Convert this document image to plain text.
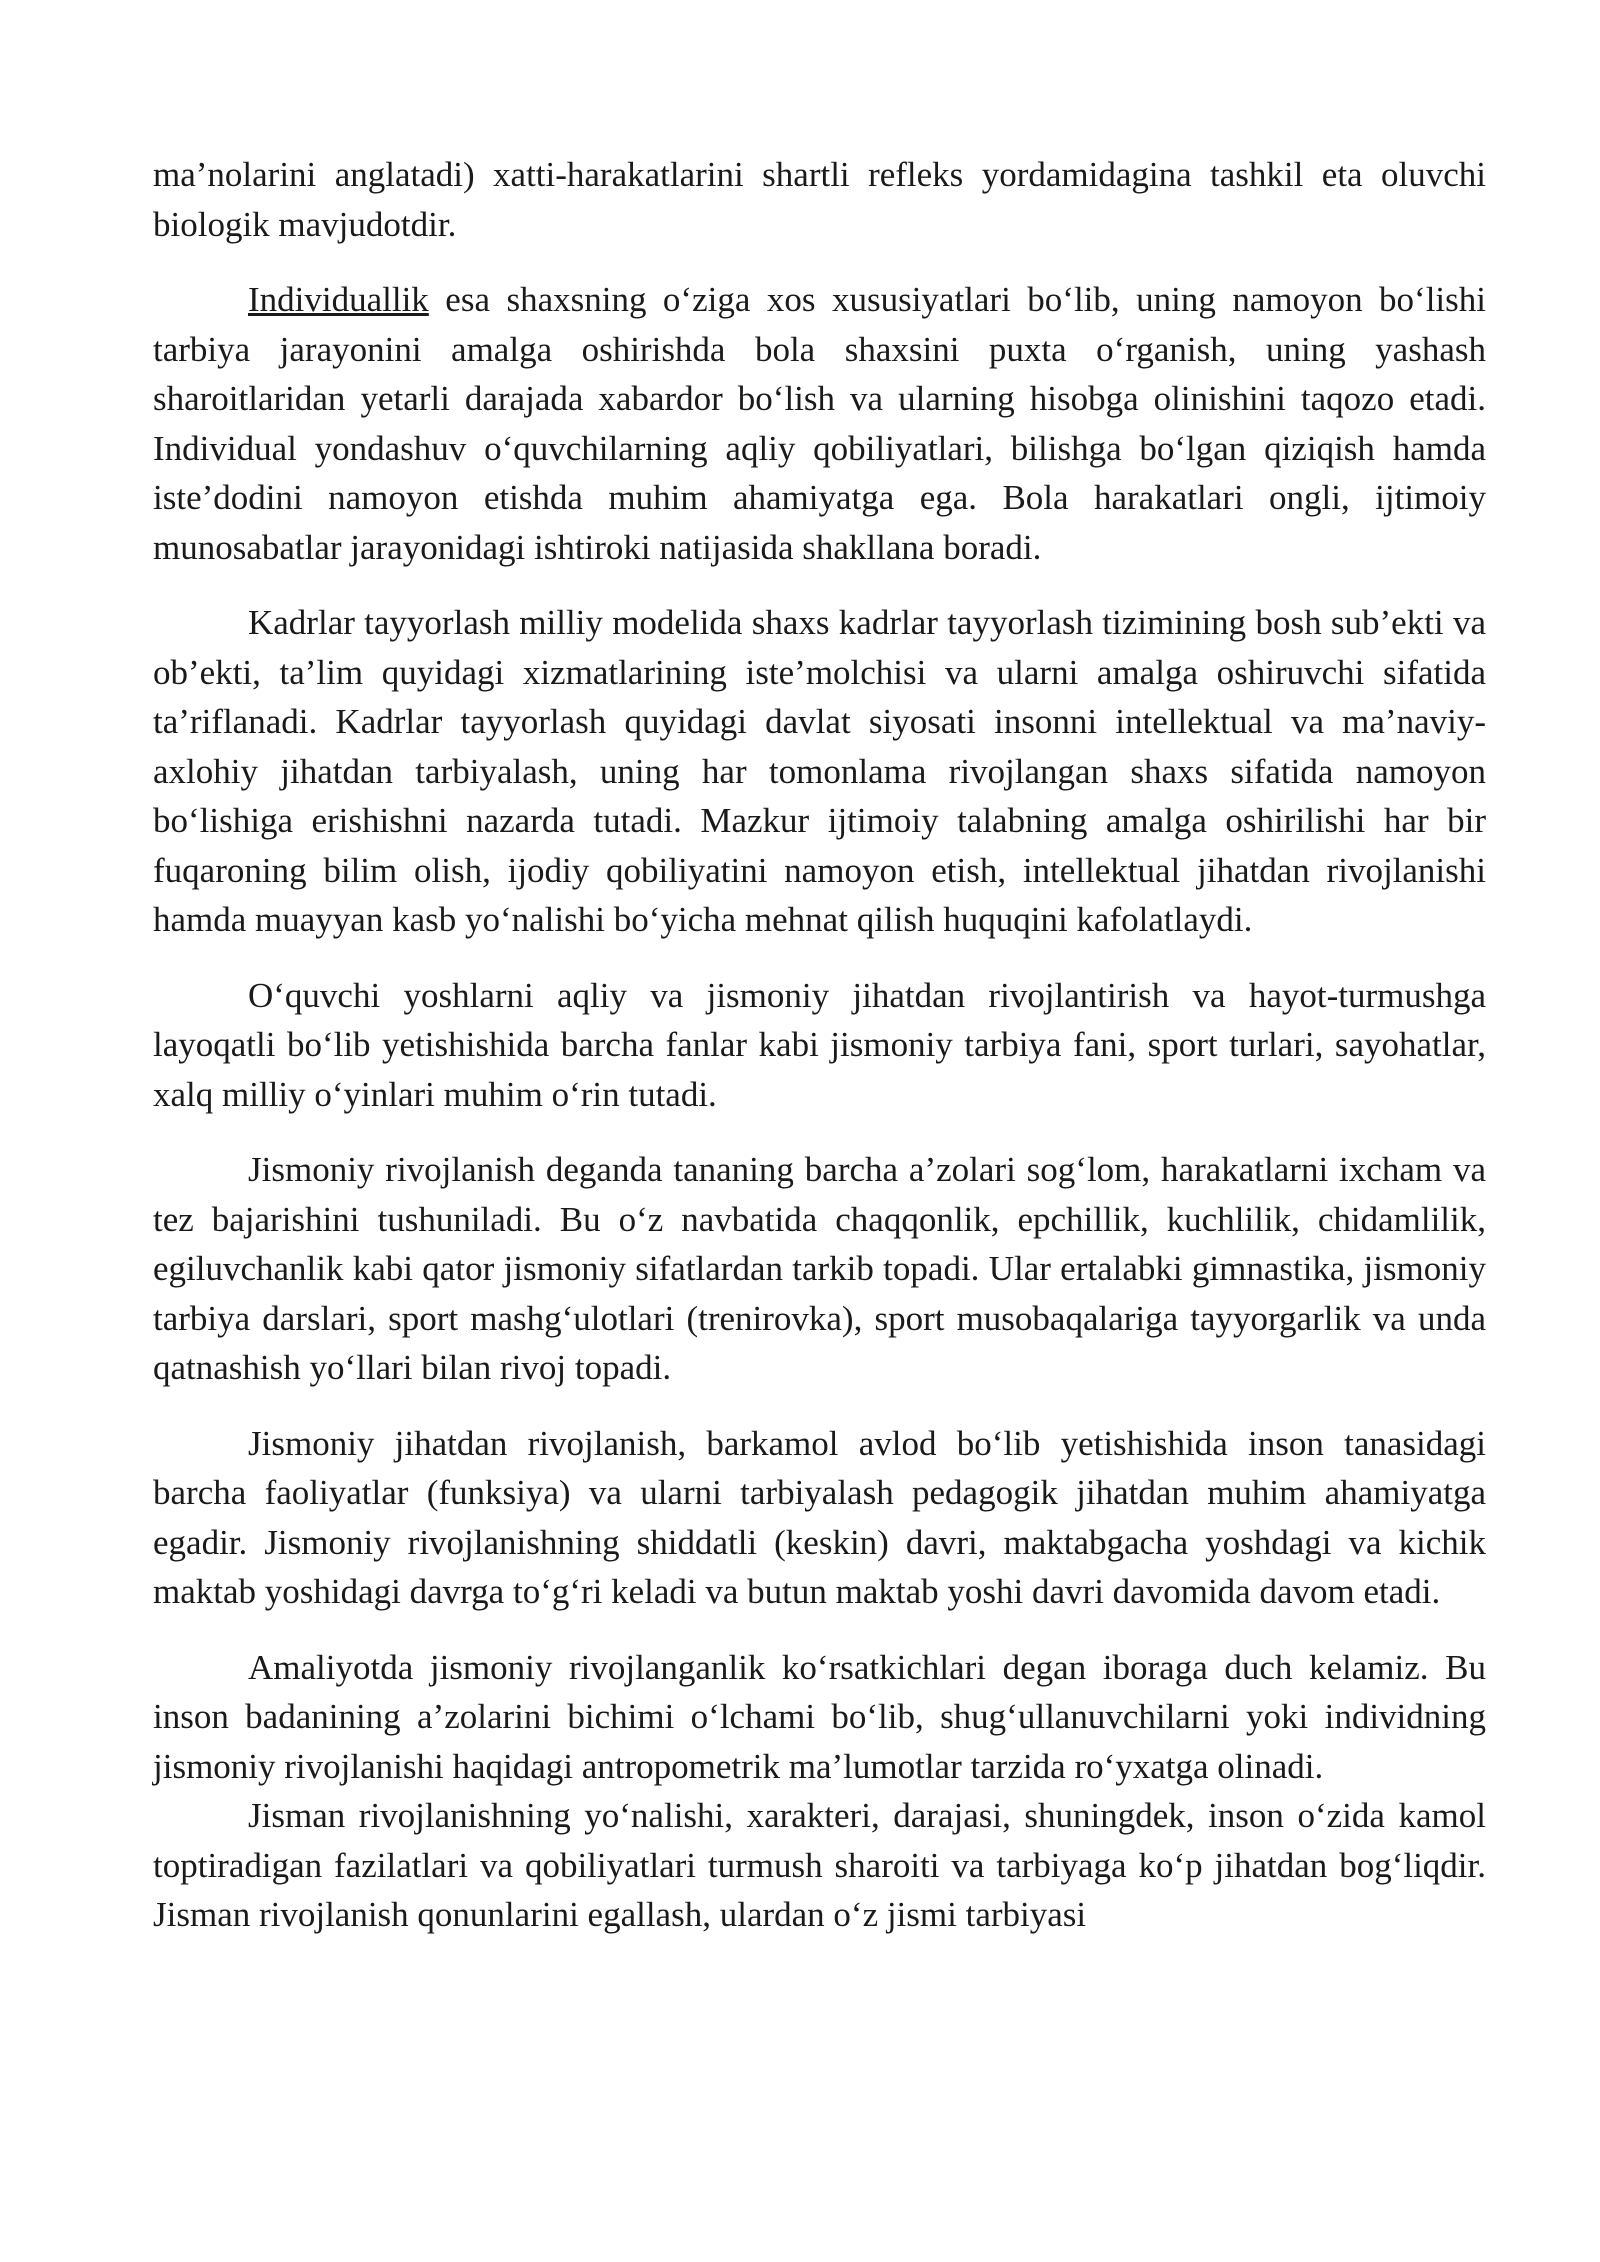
ma’nolarini anglatadi) xatti-harakatlarini shartli refleks yordamidagina tashkil eta oluvchi biologik mavjudotdir.

Individuallik esa shaxsning o‘ziga xos xususiyatlari bo‘lib, uning namoyon bo‘lishi tarbiya jarayonini amalga oshirishda bola shaxsini puxta o‘rganish, uning yashash sharoitlaridan yetarli darajada xabardor bo‘lish va ularning hisobga olinishini taqozo etadi. Individual yondashuv o‘quvchilarning aqliy qobiliyatlari, bilishga bo‘lgan qiziqish hamda iste’dodini namoyon etishda muhim ahamiyatga ega. Bola harakatlari ongli, ijtimoiy munosabatlar jarayonidagi ishtiroki natijasida shakllana boradi.

Kadrlar tayyorlash milliy modelida shaxs kadrlar tayyorlash tizimining bosh sub’ekti va ob’ekti, ta’lim quyidagi xizmatlarining iste’molchisi va ularni amalga oshiruvchi sifatida ta’riflanadi. Kadrlar tayyorlash quyidagi davlat siyosati insonni intellektual va ma’naviy-axlohiy jihatdan tarbiyalash, uning har tomonlama rivojlangan shaxs sifatida namoyon bo‘lishiga erishishni nazarda tutadi. Mazkur ijtimoiy talabning amalga oshirilishi har bir fuqaroning bilim olish, ijodiy qobiliyatini namoyon etish, intellektual jihatdan rivojlanishi hamda muayyan kasb yo‘nalishi bo‘yicha mehnat qilish huquqini kafolatlaydi.

O‘quvchi yoshlarni aqliy va jismoniy jihatdan rivojlantirish va hayot-turmushga layoqatli bo‘lib yetishishida barcha fanlar kabi jismoniy tarbiya fani, sport turlari, sayohatlar, xalq milliy o‘yinlari muhim o‘rin tutadi.

Jismoniy rivojlanish deganda tananing barcha a’zolari sog‘lom, harakatlarni ixcham va tez bajarishini tushuniladi. Bu o‘z navbatida chaqqonlik, epchillik, kuchlilik, chidamlilik, egiluvchanlik kabi qator jismoniy sifatlardan tarkib topadi. Ular ertalabki gimnastika, jismoniy tarbiya darslari, sport mashg‘ulotlari (trenirovka), sport musobaqalariga tayyorgarlik va unda qatnashish yo‘llari bilan rivoj topadi.

Jismoniy jihatdan rivojlanish, barkamol avlod bo‘lib yetishishida inson tanasidagi barcha faoliyatlar (funksiya) va ularni tarbiyalash pedagogik jihatdan muhim ahamiyatga egadir. Jismoniy rivojlanishning shiddatli (keskin) davri, maktabgacha yoshdagi va kichik maktab yoshidagi davrga to‘g‘ri keladi va butun maktab yoshi davri davomida davom etadi.

Amaliyotda jismoniy rivojlanganlik ko‘rsatkichlari degan iboraga duch kelamiz. Bu inson badanining a’zolarini bichimi o‘lchami bo‘lib, shug‘ullanuvchilarni yoki individning jismoniy rivojlanishi haqidagi antropometrik ma’lumotlar tarzida ro‘yxatga olinadi.

Jisman rivojlanishning yo‘nalishi, xarakteri, darajasi, shuningdek, inson o‘zida kamol toptiradigan fazilatlari va qobiliyatlari turmush sharoiti va tarbiyaga ko‘p jihatdan bog‘liqdir. Jisman rivojlanish qonunlarini egallash, ulardan o‘z jismi tarbiyasi
